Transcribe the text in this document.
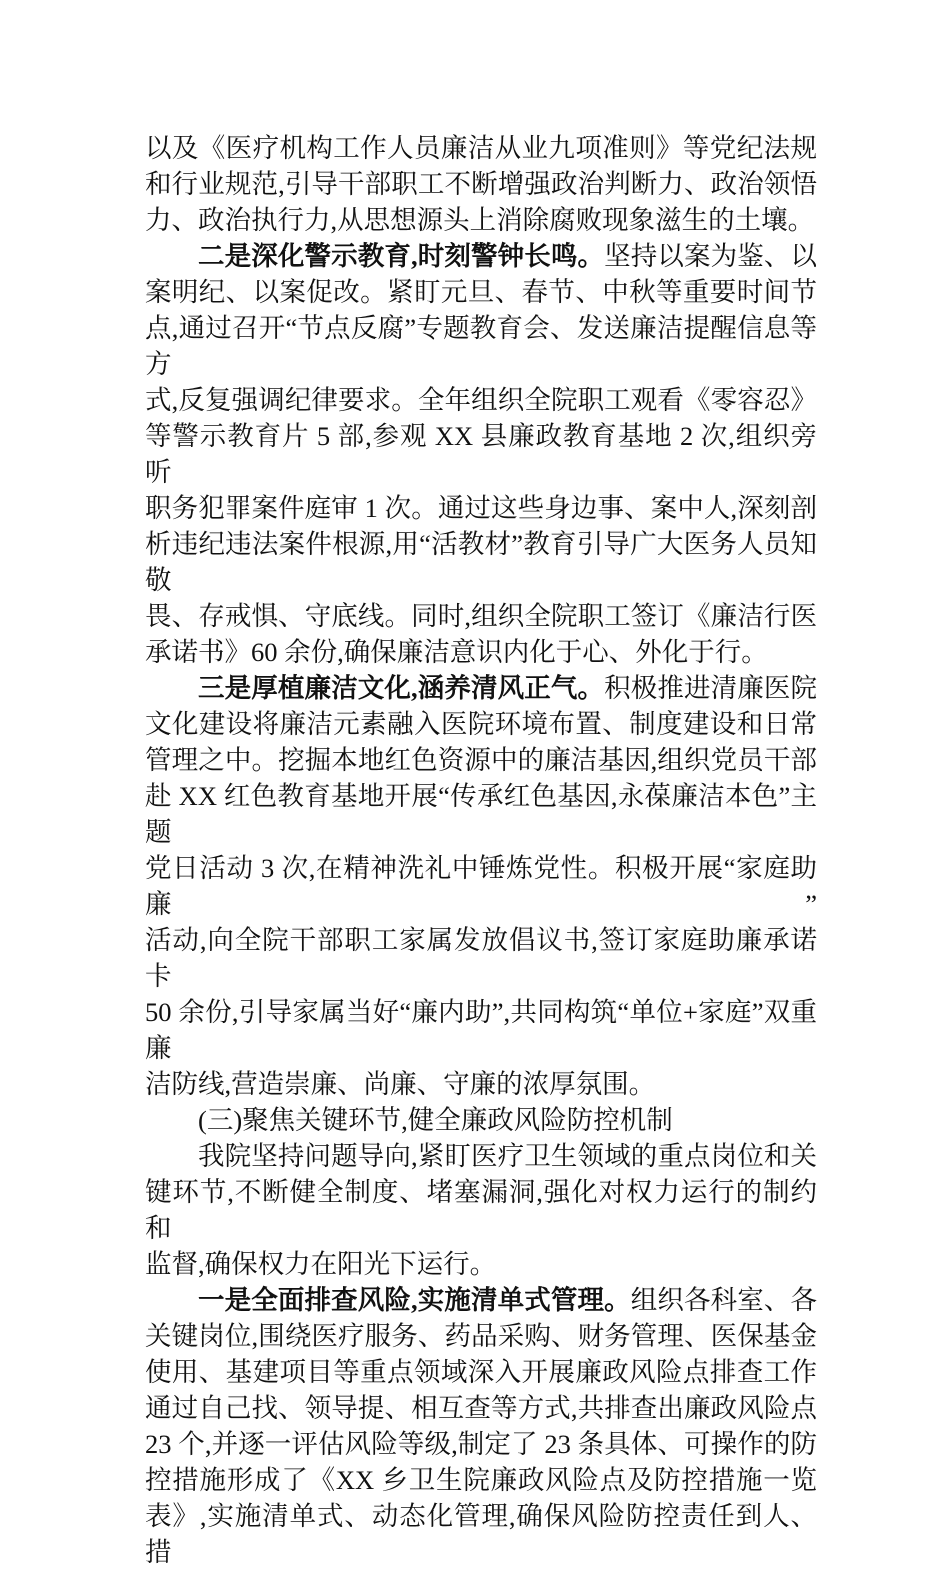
以及《医疗机构工作人员廉洁从业九项准则》等党纪法规
和行业规范,引导干部职工不断增强政治判断力、政治领悟
力、政治执行力,从思想源头上消除腐败现象滋生的土壤。
二是深化警示教育,时刻警钟长鸣。坚持以案为鉴、以
案明纪、以案促改。紧盯元旦、春节、中秋等重要时间节
点,通过召开“节点反腐”专题教育会、发送廉洁提醒信息等方
式,反复强调纪律要求。全年组织全院职工观看《零容忍》
等警示教育片 5 部,参观 XX 县廉政教育基地 2 次,组织旁听
职务犯罪案件庭审 1 次。通过这些身边事、案中人,深刻剖
析违纪违法案件根源,用“活教材”教育引导广大医务人员知敬
畏、存戒惧、守底线。同时,组织全院职工签订《廉洁行医
承诺书》60 余份,确保廉洁意识内化于心、外化于行。
三是厚植廉洁文化,涵养清风正气。积极推进清廉医院
文化建设将廉洁元素融入医院环境布置、制度建设和日常
管理之中。挖掘本地红色资源中的廉洁基因,组织党员干部
赴 XX 红色教育基地开展“传承红色基因,永葆廉洁本色”主题
党日活动 3 次,在精神洗礼中锤炼党性。积极开展“家庭助廉”
活动,向全院干部职工家属发放倡议书,签订家庭助廉承诺卡
50 余份,引导家属当好“廉内助”,共同构筑“单位+家庭”双重廉
洁防线,营造崇廉、尚廉、守廉的浓厚氛围。
(三)聚焦关键环节,健全廉政风险防控机制
我院坚持问题导向,紧盯医疗卫生领域的重点岗位和关
键环节,不断健全制度、堵塞漏洞,强化对权力运行的制约和
监督,确保权力在阳光下运行。
一是全面排查风险,实施清单式管理。组织各科室、各
关键岗位,围绕医疗服务、药品采购、财务管理、医保基金
使用、基建项目等重点领域深入开展廉政风险点排查工作
通过自己找、领导提、相互查等方式,共排查出廉政风险点
23 个,并逐一评估风险等级,制定了 23 条具体、可操作的防
控措施形成了《XX 乡卫生院廉政风险点及防控措施一览
表》,实施清单式、动态化管理,确保风险防控责任到人、措
